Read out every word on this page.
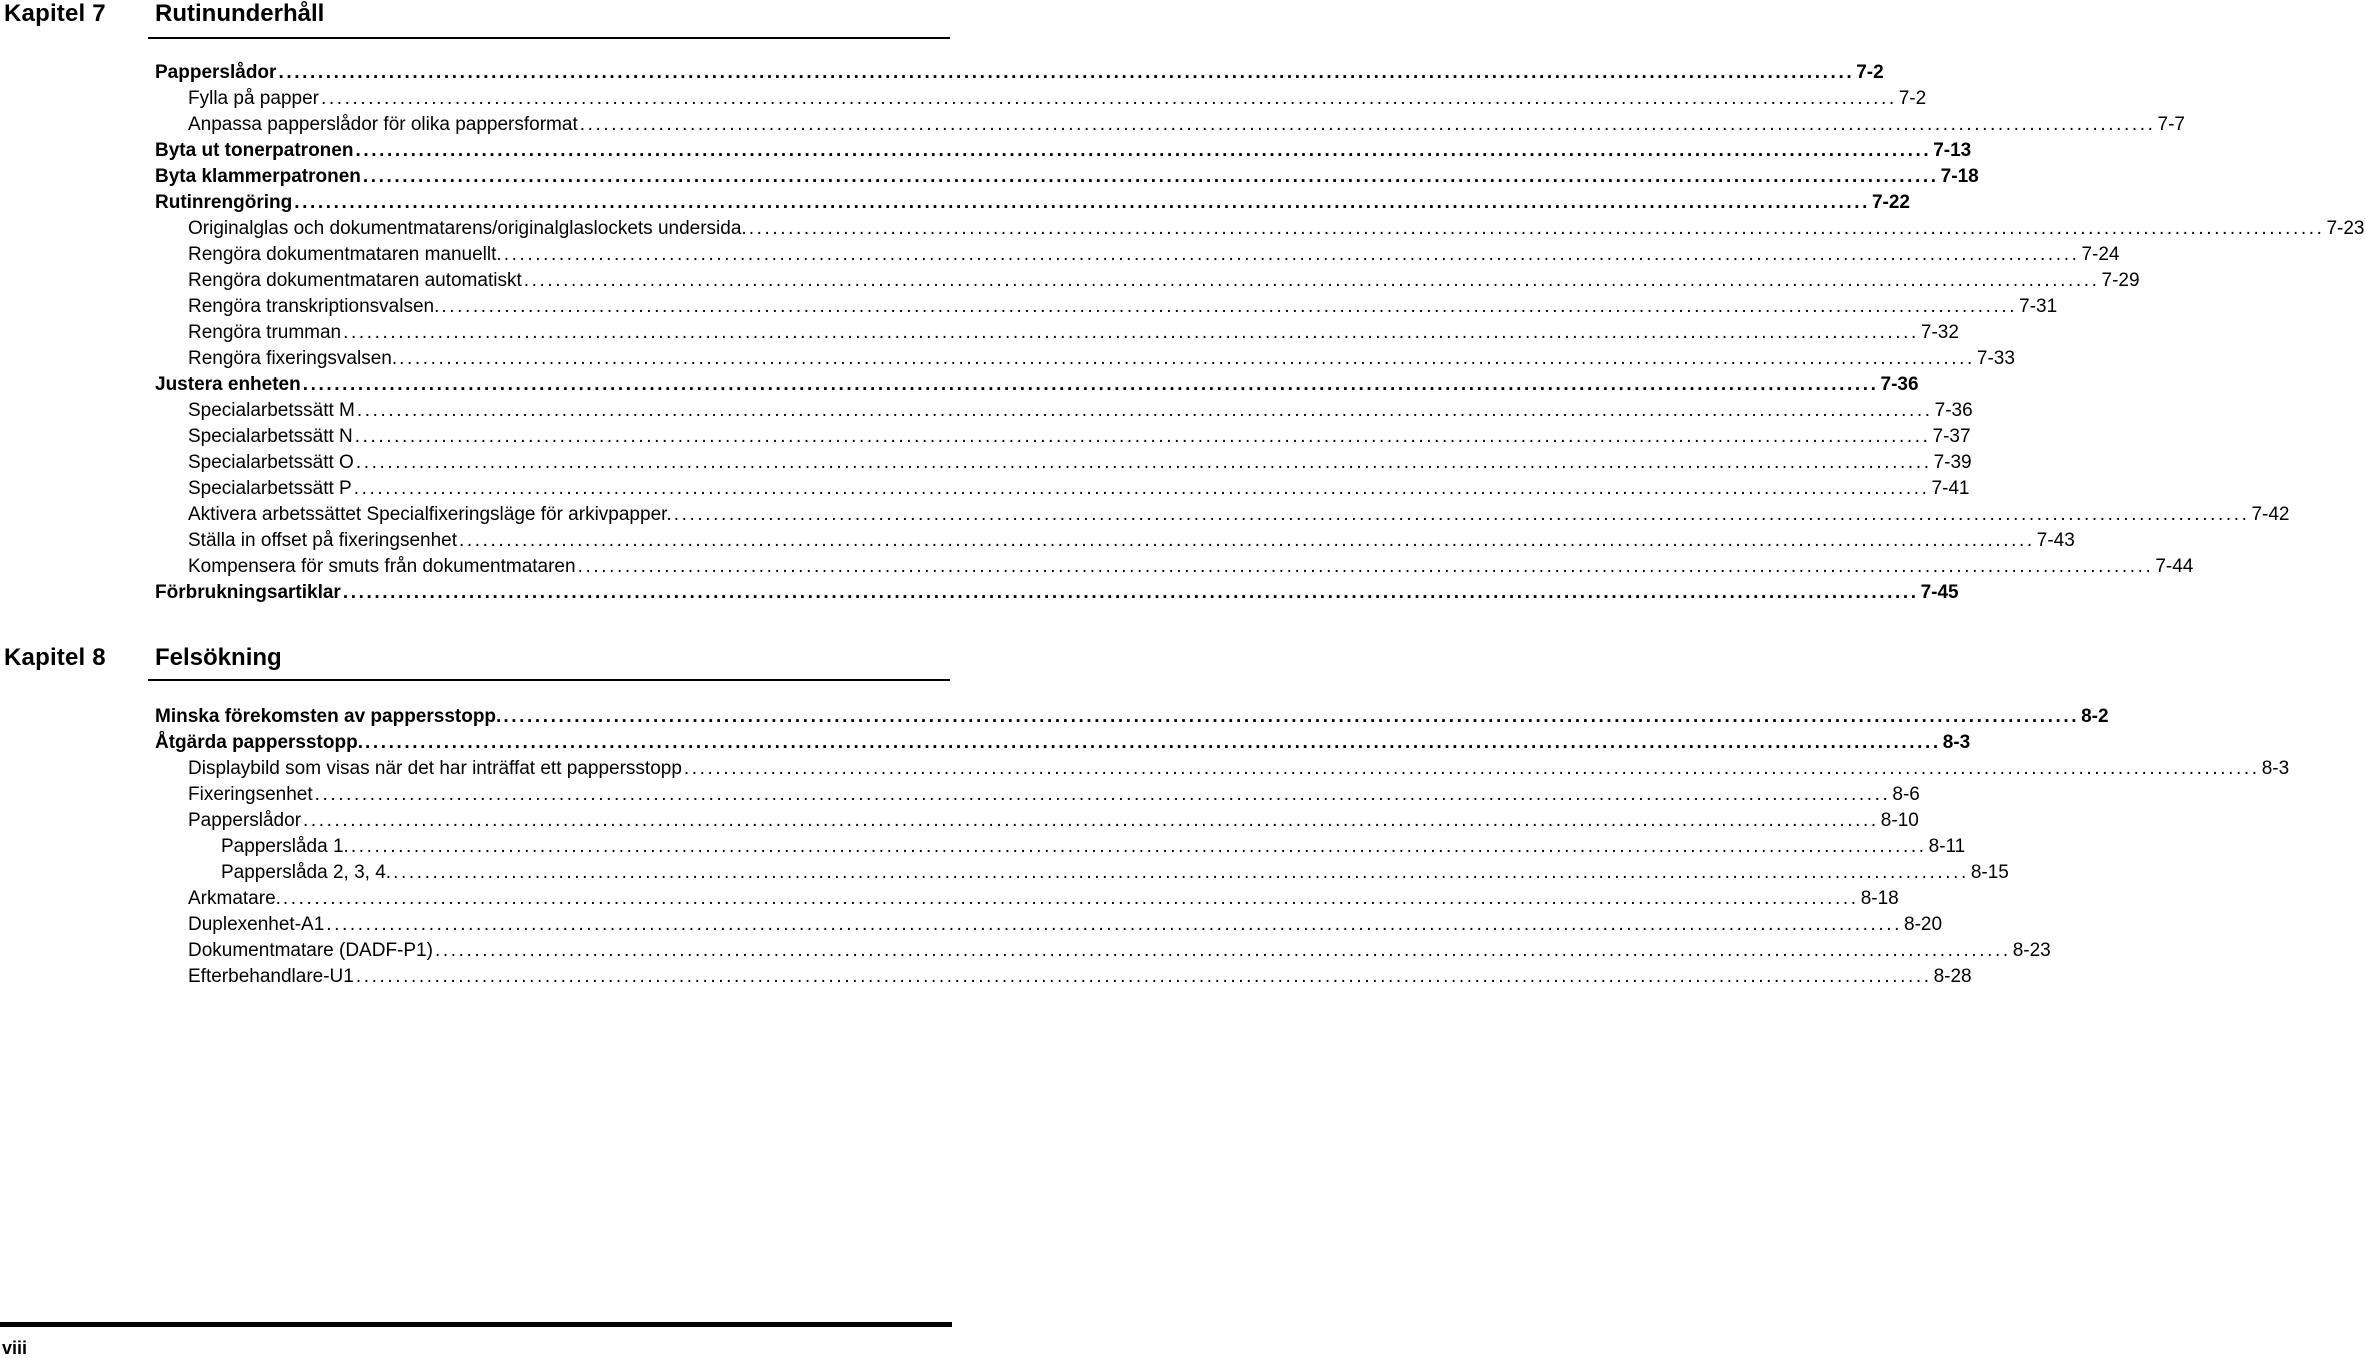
Kapitel 7 Rutinunderhåll
Papperslådor ........................................................................................................................................................................................................ 7-2
Fylla på papper ........................................................................................................................................................................................................ 7-2
Anpassa papperslådor för olika pappersformat ........................................................................................................................................................................................................ 7-7
Byta ut tonerpatronen ........................................................................................................................................................................................................ 7-13
Byta klammerpatronen ........................................................................................................................................................................................................ 7-18
Rutinrengöring ........................................................................................................................................................................................................ 7-22
Originalglas och dokumentmatarens/originalglaslockets undersida. ........................................................................................................................................................................................................ 7-23
Rengöra dokumentmataren manuellt. ........................................................................................................................................................................................................ 7-24
Rengöra dokumentmataren automatiskt ........................................................................................................................................................................................................ 7-29
Rengöra transkriptionsvalsen. ........................................................................................................................................................................................................ 7-31
Rengöra trumman ........................................................................................................................................................................................................ 7-32
Rengöra fixeringsvalsen. ........................................................................................................................................................................................................ 7-33
Justera enheten ........................................................................................................................................................................................................ 7-36
Specialarbetssätt M ........................................................................................................................................................................................................ 7-36
Specialarbetssätt N ........................................................................................................................................................................................................ 7-37
Specialarbetssätt O ........................................................................................................................................................................................................ 7-39
Specialarbetssätt P ........................................................................................................................................................................................................ 7-41
Aktivera arbetssättet Specialfixeringsläge för arkivpapper. ........................................................................................................................................................................................................ 7-42
Ställa in offset på fixeringsenhet ........................................................................................................................................................................................................ 7-43
Kompensera för smuts från dokumentmataren ........................................................................................................................................................................................................ 7-44
Förbrukningsartiklar ........................................................................................................................................................................................................ 7-45
Kapitel 8 Felsökning
Minska förekomsten av pappersstopp. ........................................................................................................................................................................................................ 8-2
Åtgärda pappersstopp. ........................................................................................................................................................................................................ 8-3
Displaybild som visas när det har inträffat ett pappersstopp ........................................................................................................................................................................................................ 8-3
Fixeringsenhet ........................................................................................................................................................................................................ 8-6
Papperslådor ........................................................................................................................................................................................................ 8-10
Papperslåda 1. ........................................................................................................................................................................................................ 8-11
Papperslåda 2, 3, 4. ........................................................................................................................................................................................................ 8-15
Arkmatare. ........................................................................................................................................................................................................ 8-18
Duplexenhet-A1 ........................................................................................................................................................................................................ 8-20
Dokumentmatare (DADF-P1) ........................................................................................................................................................................................................ 8-23
Efterbehandlare-U1 ........................................................................................................................................................................................................ 8-28
viii
